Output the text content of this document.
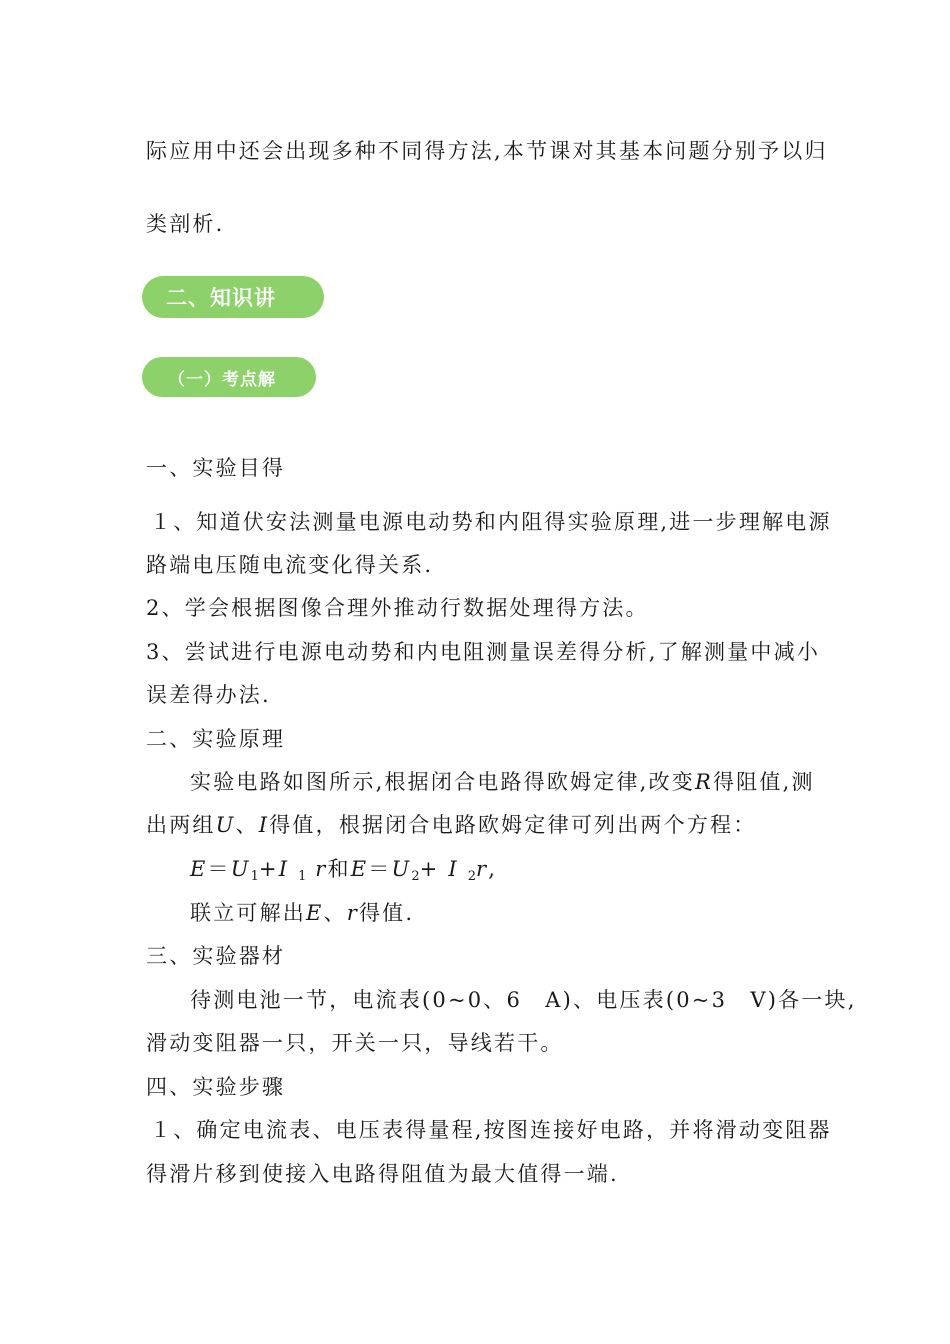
际应用中还会出现多种不同得方法,本节课对其基本问题分别予以归
类剖析.
二、知识讲
（一）考点解
一、实验目得
１、知道伏安法测量电源电动势和内阻得实验原理,进一步理解电源
路端电压随电流变化得关系.
2、学会根据图像合理外推动行数据处理得方法。
3、尝试进行电源电动势和内电阻测量误差得分析,了解测量中减小
误差得办法.
二、实验原理
实验电路如图所示,根据闭合电路得欧姆定律,改变R得阻值,测
出两组U、I得值，根据闭合电路欧姆定律可列出两个方程：
E＝U1+I 1 r和E＝U2+ I 2r,
联立可解出E、r得值.
三、实验器材
待测电池一节，电流表(0~0、6　A)、电压表(0~3　V)各一块,
滑动变阻器一只，开关一只，导线若干。
四、实验步骤
１、确定电流表、电压表得量程,按图连接好电路，并将滑动变阻器
得滑片移到使接入电路得阻值为最大值得一端.
